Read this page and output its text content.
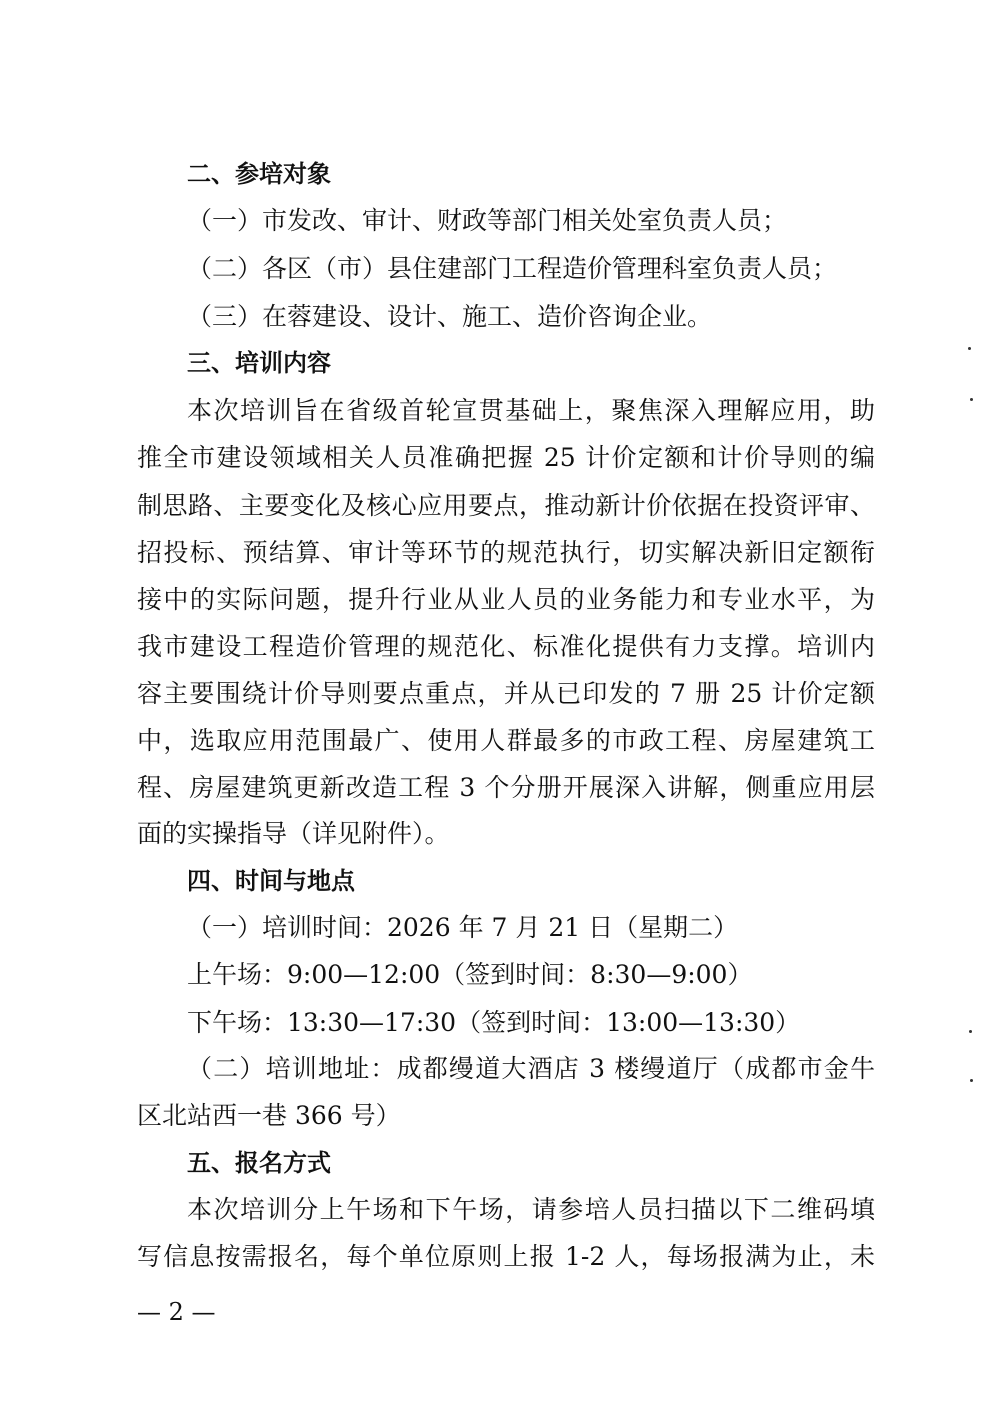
二、参培对象
（一）市发改、审计、财政等部门相关处室负责人员；
（二）各区（市）县住建部门工程造价管理科室负责人员；
（三）在蓉建设、设计、施工、造价咨询企业。
三、培训内容
本次培训旨在省级首轮宣贯基础上，聚焦深入理解应用，助
推全市建设领域相关人员准确把握 25 计价定额和计价导则的编
制思路、主要变化及核心应用要点，推动新计价依据在投资评审、
招投标、预结算、审计等环节的规范执行，切实解决新旧定额衔
接中的实际问题，提升行业从业人员的业务能力和专业水平，为
我市建设工程造价管理的规范化、标准化提供有力支撑。培训内
容主要围绕计价导则要点重点，并从已印发的 7 册 25 计价定额
中，选取应用范围最广、使用人群最多的市政工程、房屋建筑工
程、房屋建筑更新改造工程 3 个分册开展深入讲解，侧重应用层
面的实操指导（详见附件）。
四、时间与地点
（一）培训时间：2026 年 7 月 21 日（星期二）
上午场：9:00—12:00（签到时间：8:30—9:00）
下午场：13:30—17:30（签到时间：13:00—13:30）
（二）培训地址：成都缦道大酒店 3 楼缦道厅（成都市金牛
区北站西一巷 366 号）
五、报名方式
本次培训分上午场和下午场，请参培人员扫描以下二维码填
写信息按需报名，每个单位原则上报 1-2 人，每场报满为止，未
— 2 —
